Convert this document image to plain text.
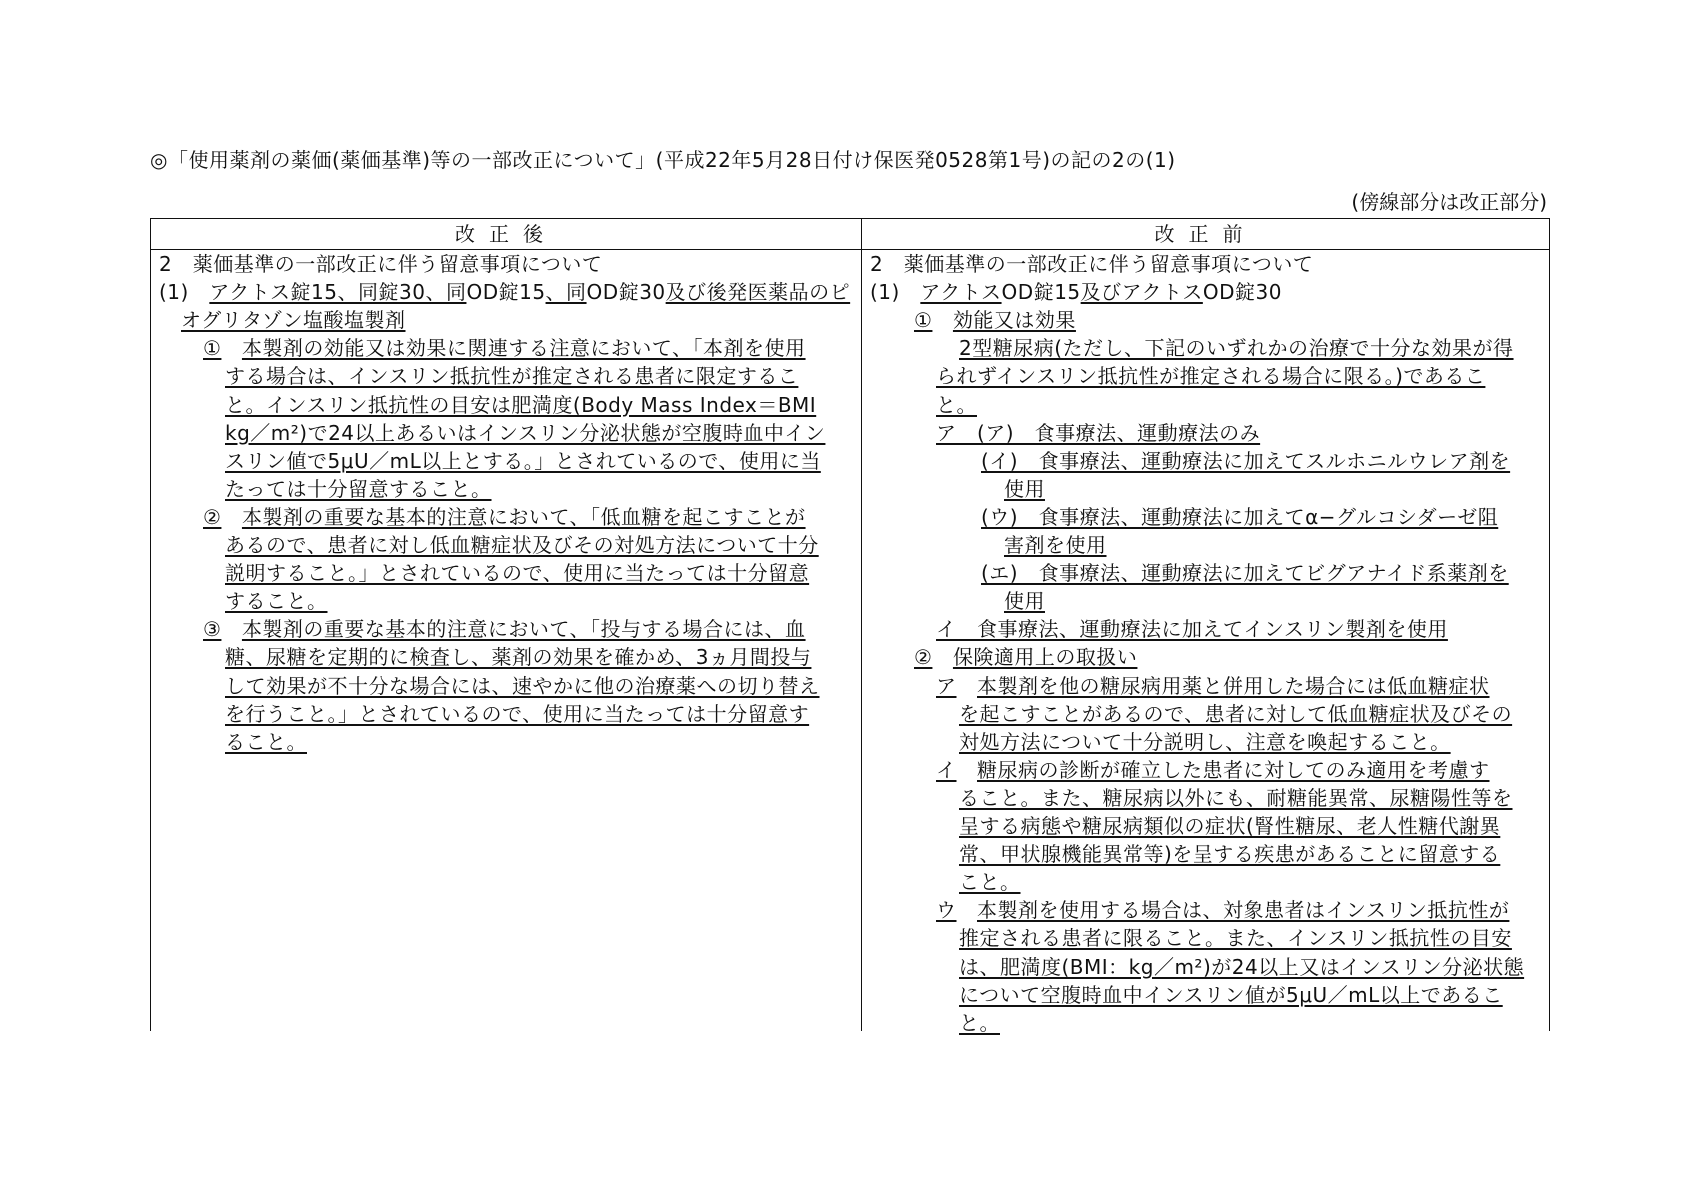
◎「使用薬剤の薬価(薬価基準)等の一部改正について」(平成22年5月28日付け保医発0528第1号)の記の2の(1)
(傍線部分は改正部分)
改正後	改正前
2　薬価基準の一部改正に伴う留意事項について
(1)　アクトス錠15、同錠30、同OD錠15、同OD錠30及び後発医薬品のピ
オグリタゾン塩酸塩製剤
①　 本製剤の効能又は効果に関連する注意において、「本剤を使用
する場合は、インスリン抵抗性が推定される患者に限定するこ
と。インスリン抵抗性の目安は肥満度(Body Mass Index＝BMI
kg／m²)で24以上あるいはインスリン分泌状態が空腹時血中イン
スリン値で5μU／mL以上とする。」とされているので、使用に当
たっては十分留意すること。
②　 本製剤の重要な基本的注意において、「低血糖を起こすことが
あるので、患者に対し低血糖症状及びその対処方法について十分
説明すること。」とされているので、使用に当たっては十分留意
すること。
③　 本製剤の重要な基本的注意において、「投与する場合には、血
糖、尿糖を定期的に検査し、薬剤の効果を確かめ、3ヵ月間投与
して効果が不十分な場合には、速やかに他の治療薬への切り替え
を行うこと。」とされているので、使用に当たっては十分留意す
ること。
2　薬価基準の一部改正に伴う留意事項について
(1)　アクトスOD錠15及びアクトスOD錠30
①　 効能又は効果
2型糖尿病(ただし、下記のいずれかの治療で十分な効果が得
られずインスリン抵抗性が推定される場合に限る。)であるこ
と。
ア　(ア)　食事療法、運動療法のみ
(イ)　食事療法、運動療法に加えてスルホニルウレア剤を
使用
(ウ)　食事療法、運動療法に加えてα−グルコシダーゼ阻
害剤を使用
(エ)　食事療法、運動療法に加えてビグアナイド系薬剤を
使用
イ　食事療法、運動療法に加えてインスリン製剤を使用
②　 保険適用上の取扱い
ア　 本製剤を他の糖尿病用薬と併用した場合には低血糖症状
を起こすことがあるので、患者に対して低血糖症状及びその
対処方法について十分説明し、注意を喚起すること。
イ　 糖尿病の診断が確立した患者に対してのみ適用を考慮す
ること。また、糖尿病以外にも、耐糖能異常、尿糖陽性等を
呈する病態や糖尿病類似の症状(腎性糖尿、老人性糖代謝異
常、甲状腺機能異常等)を呈する疾患があることに留意する
こと。
ウ　 本製剤を使用する場合は、対象患者はインスリン抵抗性が
推定される患者に限ること。また、インスリン抵抗性の目安
は、肥満度(BMI：kg／m²)が24以上又はインスリン分泌状態
について空腹時血中インスリン値が5μU／mL以上であるこ
と。
